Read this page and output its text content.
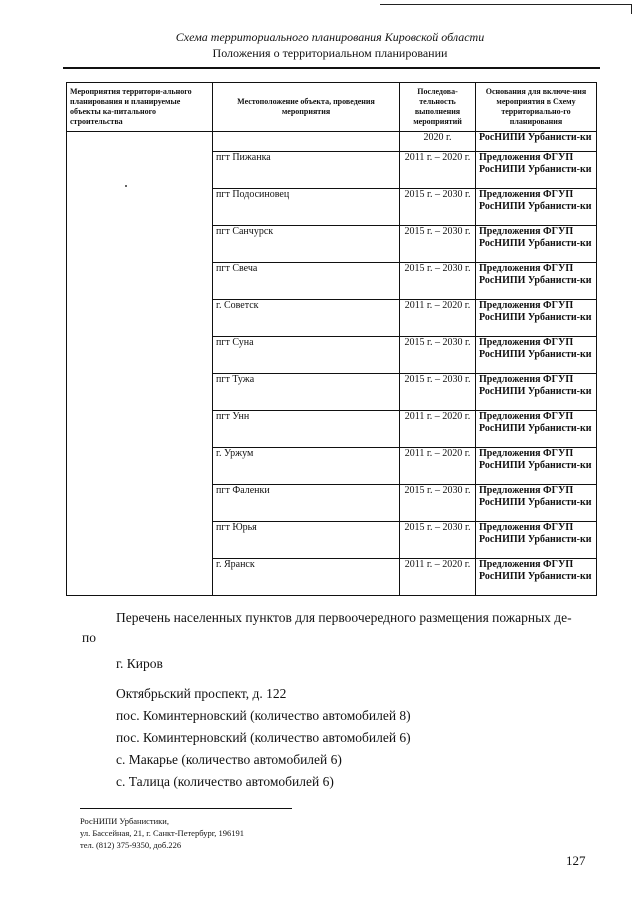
Схема территориального планирования Кировской области
Положения о территориальном планировании
Мероприятия территори-ального планирования и планируемые объекты ка-питального строительства	Местоположение объекта, проведения мероприятия	Последова-тельность выполнения мероприятий	Основания для включе-ния мероприятия в Схему территориально-го планирования
		2020 г.	РосНИПИ Урбанисти-ки
	пгт Пижанка	2011 г. – 2020 г.	Предложения ФГУП РосНИПИ Урбанисти-ки
	пгт Подосиновец	2015 г. – 2030 г.	Предложения ФГУП РосНИПИ Урбанисти-ки
	пгт Санчурск	2015 г. – 2030 г.	Предложения ФГУП РосНИПИ Урбанисти-ки
	пгт Свеча	2015 г. – 2030 г.	Предложения ФГУП РосНИПИ Урбанисти-ки
	г. Советск	2011 г. – 2020 г.	Предложения ФГУП РосНИПИ Урбанисти-ки
	пгт Суна	2015 г. – 2030 г.	Предложения ФГУП РосНИПИ Урбанисти-ки
	пгт Тужа	2015 г. – 2030 г.	Предложения ФГУП РосНИПИ Урбанисти-ки
	пгт Унн	2011 г. – 2020 г.	Предложения ФГУП РосНИПИ Урбанисти-ки
	г. Уржум	2011 г. – 2020 г.	Предложения ФГУП РосНИПИ Урбанисти-ки
	пгт Фаленки	2015 г. – 2030 г.	Предложения ФГУП РосНИПИ Урбанисти-ки
	пгт Юрья	2015 г. – 2030 г.	Предложения ФГУП РосНИПИ Урбанисти-ки
	г. Яранск	2011 г. – 2020 г.	Предложения ФГУП РосНИПИ Урбанисти-ки
Перечень населенных пунктов для первоочередного размещения пожарных де-
по
г. Киров
Октябрьский проспект, д. 122
пос. Коминтерновский (количество автомобилей 8)
пос. Коминтерновский (количество автомобилей 6)
с. Макарье (количество автомобилей 6)
с. Талица (количество автомобилей 6)
РосНИПИ Урбанистики,
ул. Бассейная, 21, г. Санкт-Петербург, 196191
тел. (812) 375-9350, доб.226
127
